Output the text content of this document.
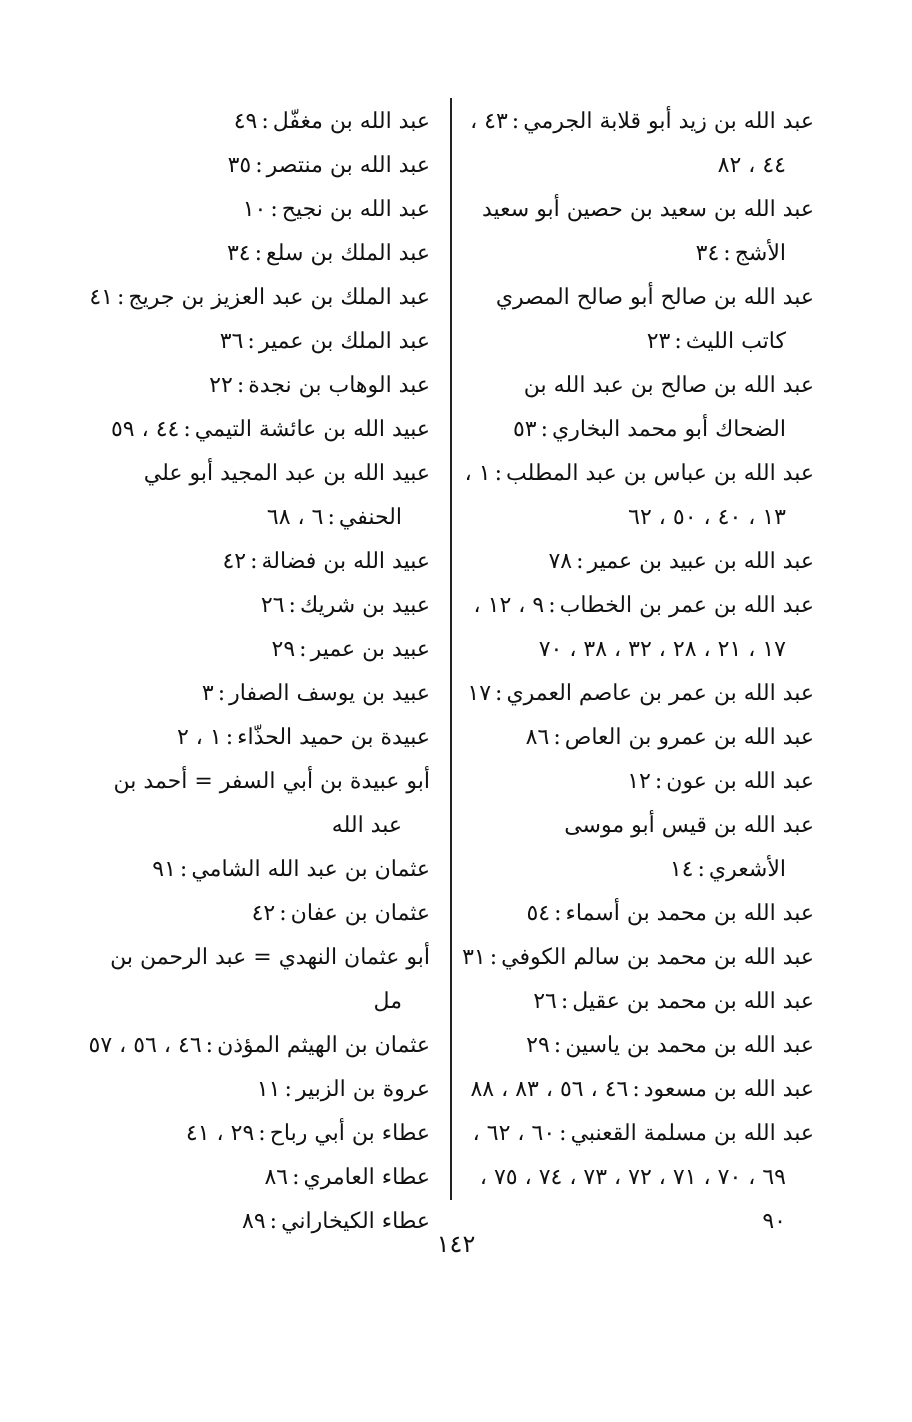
عبد الله بن زيد أبو قلابة الجرمي:٤٣ ، ٤٤ ، ٨٢

عبد الله بن سعيد بن حصين أبو سعيد الأشج:٣٤

عبد الله بن صالح أبو صالح المصري كاتب الليث:٢٣

عبد الله بن صالح بن عبد الله بن الضحاك أبو محمد البخاري:٥٣

عبد الله بن عباس بن عبد المطلب:١ ، ١٣ ، ٤٠ ، ٥٠ ، ٦٢

عبد الله بن عبيد بن عمير:٧٨

عبد الله بن عمر بن الخطاب:٩ ، ١٢ ، ١٧ ، ٢١ ، ٢٨ ، ٣٢ ، ٣٨ ، ٧٠

عبد الله بن عمر بن عاصم العمري:١٧

عبد الله بن عمرو بن العاص:٨٦

عبد الله بن عون:١٢

عبد الله بن قيس أبو موسى الأشعري:١٤

عبد الله بن محمد بن أسماء:٥٤

عبد الله بن محمد بن سالم الكوفي:٣١

عبد الله بن محمد بن عقيل:٢٦

عبد الله بن محمد بن ياسين:٢٩

عبد الله بن مسعود:٤٦ ، ٥٦ ، ٨٣ ، ٨٨

عبد الله بن مسلمة القعنبي:٦٠ ، ٦٢ ، ٦٩ ، ٧٠ ، ٧١ ، ٧٢ ، ٧٣ ، ٧٤ ، ٧٥ ، ٩٠

عبد الله بن مغفّل:٤٩

عبد الله بن منتصر:٣٥

عبد الله بن نجيح:١٠

عبد الملك بن سلع:٣٤

عبد الملك بن عبد العزيز بن جريج:٤١

عبد الملك بن عمير:٣٦

عبد الوهاب بن نجدة:٢٢

عبيد الله بن عائشة التيمي:٤٤ ، ٥٩

عبيد الله بن عبد المجيد أبو علي الحنفي:٦ ، ٦٨

عبيد الله بن فضالة:٤٢

عبيد بن شريك:٢٦

عبيد بن عمير:٢٩

عبيد بن يوسف الصفار:٣

عبيدة بن حميد الحذّاء:١ ، ٢

أبو عبيدة بن أبي السفر = أحمد بن عبد الله

عثمان بن عبد الله الشامي:٩١

عثمان بن عفان:٤٢

أبو عثمان النهدي = عبد الرحمن بن مل

عثمان بن الهيثم المؤذن:٤٦ ، ٥٦ ، ٥٧

عروة بن الزبير:١١

عطاء بن أبي رباح:٢٩ ، ٤١

عطاء العامري:٨٦

عطاء الكيخاراني:٨٩

١٤٢
